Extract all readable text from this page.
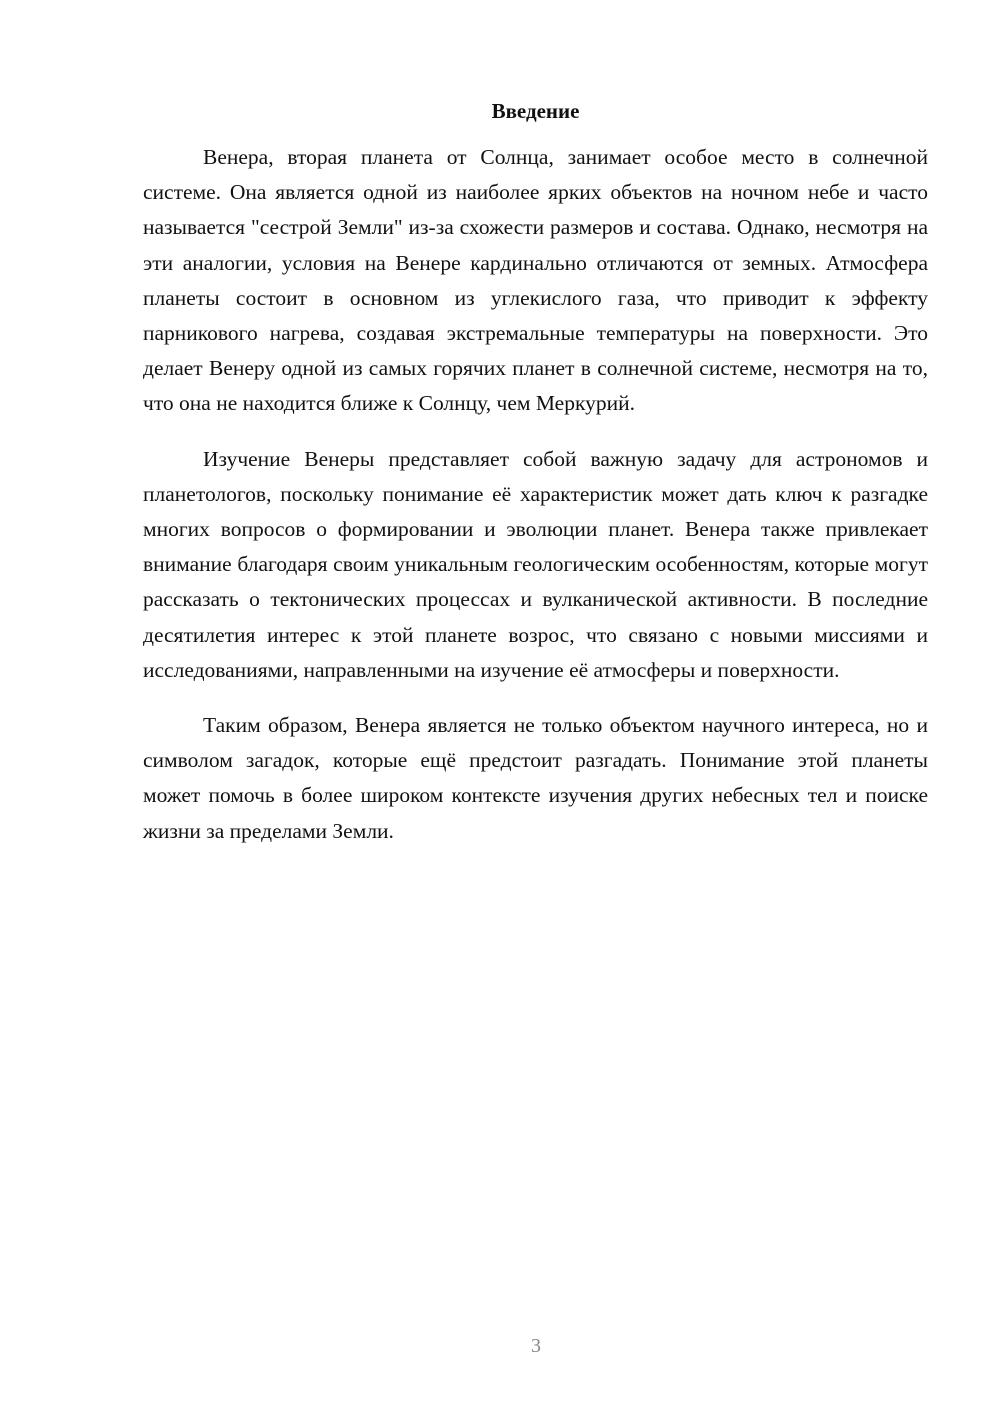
Введение

Венера, вторая планета от Солнца, занимает особое место в солнечной системе. Она является одной из наиболее ярких объектов на ночном небе и часто называется "сестрой Земли" из-за схожести размеров и состава. Однако, несмотря на эти аналогии, условия на Венере кардинально отличаются от земных. Атмосфера планеты состоит в основном из углекислого газа, что приводит к эффекту парникового нагрева, создавая экстремальные температуры на поверхности. Это делает Венеру одной из самых горячих планет в солнечной системе, несмотря на то, что она не находится ближе к Солнцу, чем Меркурий.

Изучение Венеры представляет собой важную задачу для астрономов и планетологов, поскольку понимание её характеристик может дать ключ к разгадке многих вопросов о формировании и эволюции планет. Венера также привлекает внимание благодаря своим уникальным геологическим особенностям, которые могут рассказать о тектонических процессах и вулканической активности. В последние десятилетия интерес к этой планете возрос, что связано с новыми миссиями и исследованиями, направленными на изучение её атмосферы и поверхности.

Таким образом, Венера является не только объектом научного интереса, но и символом загадок, которые ещё предстоит разгадать. Понимание этой планеты может помочь в более широком контексте изучения других небесных тел и поиске жизни за пределами Земли.

3
